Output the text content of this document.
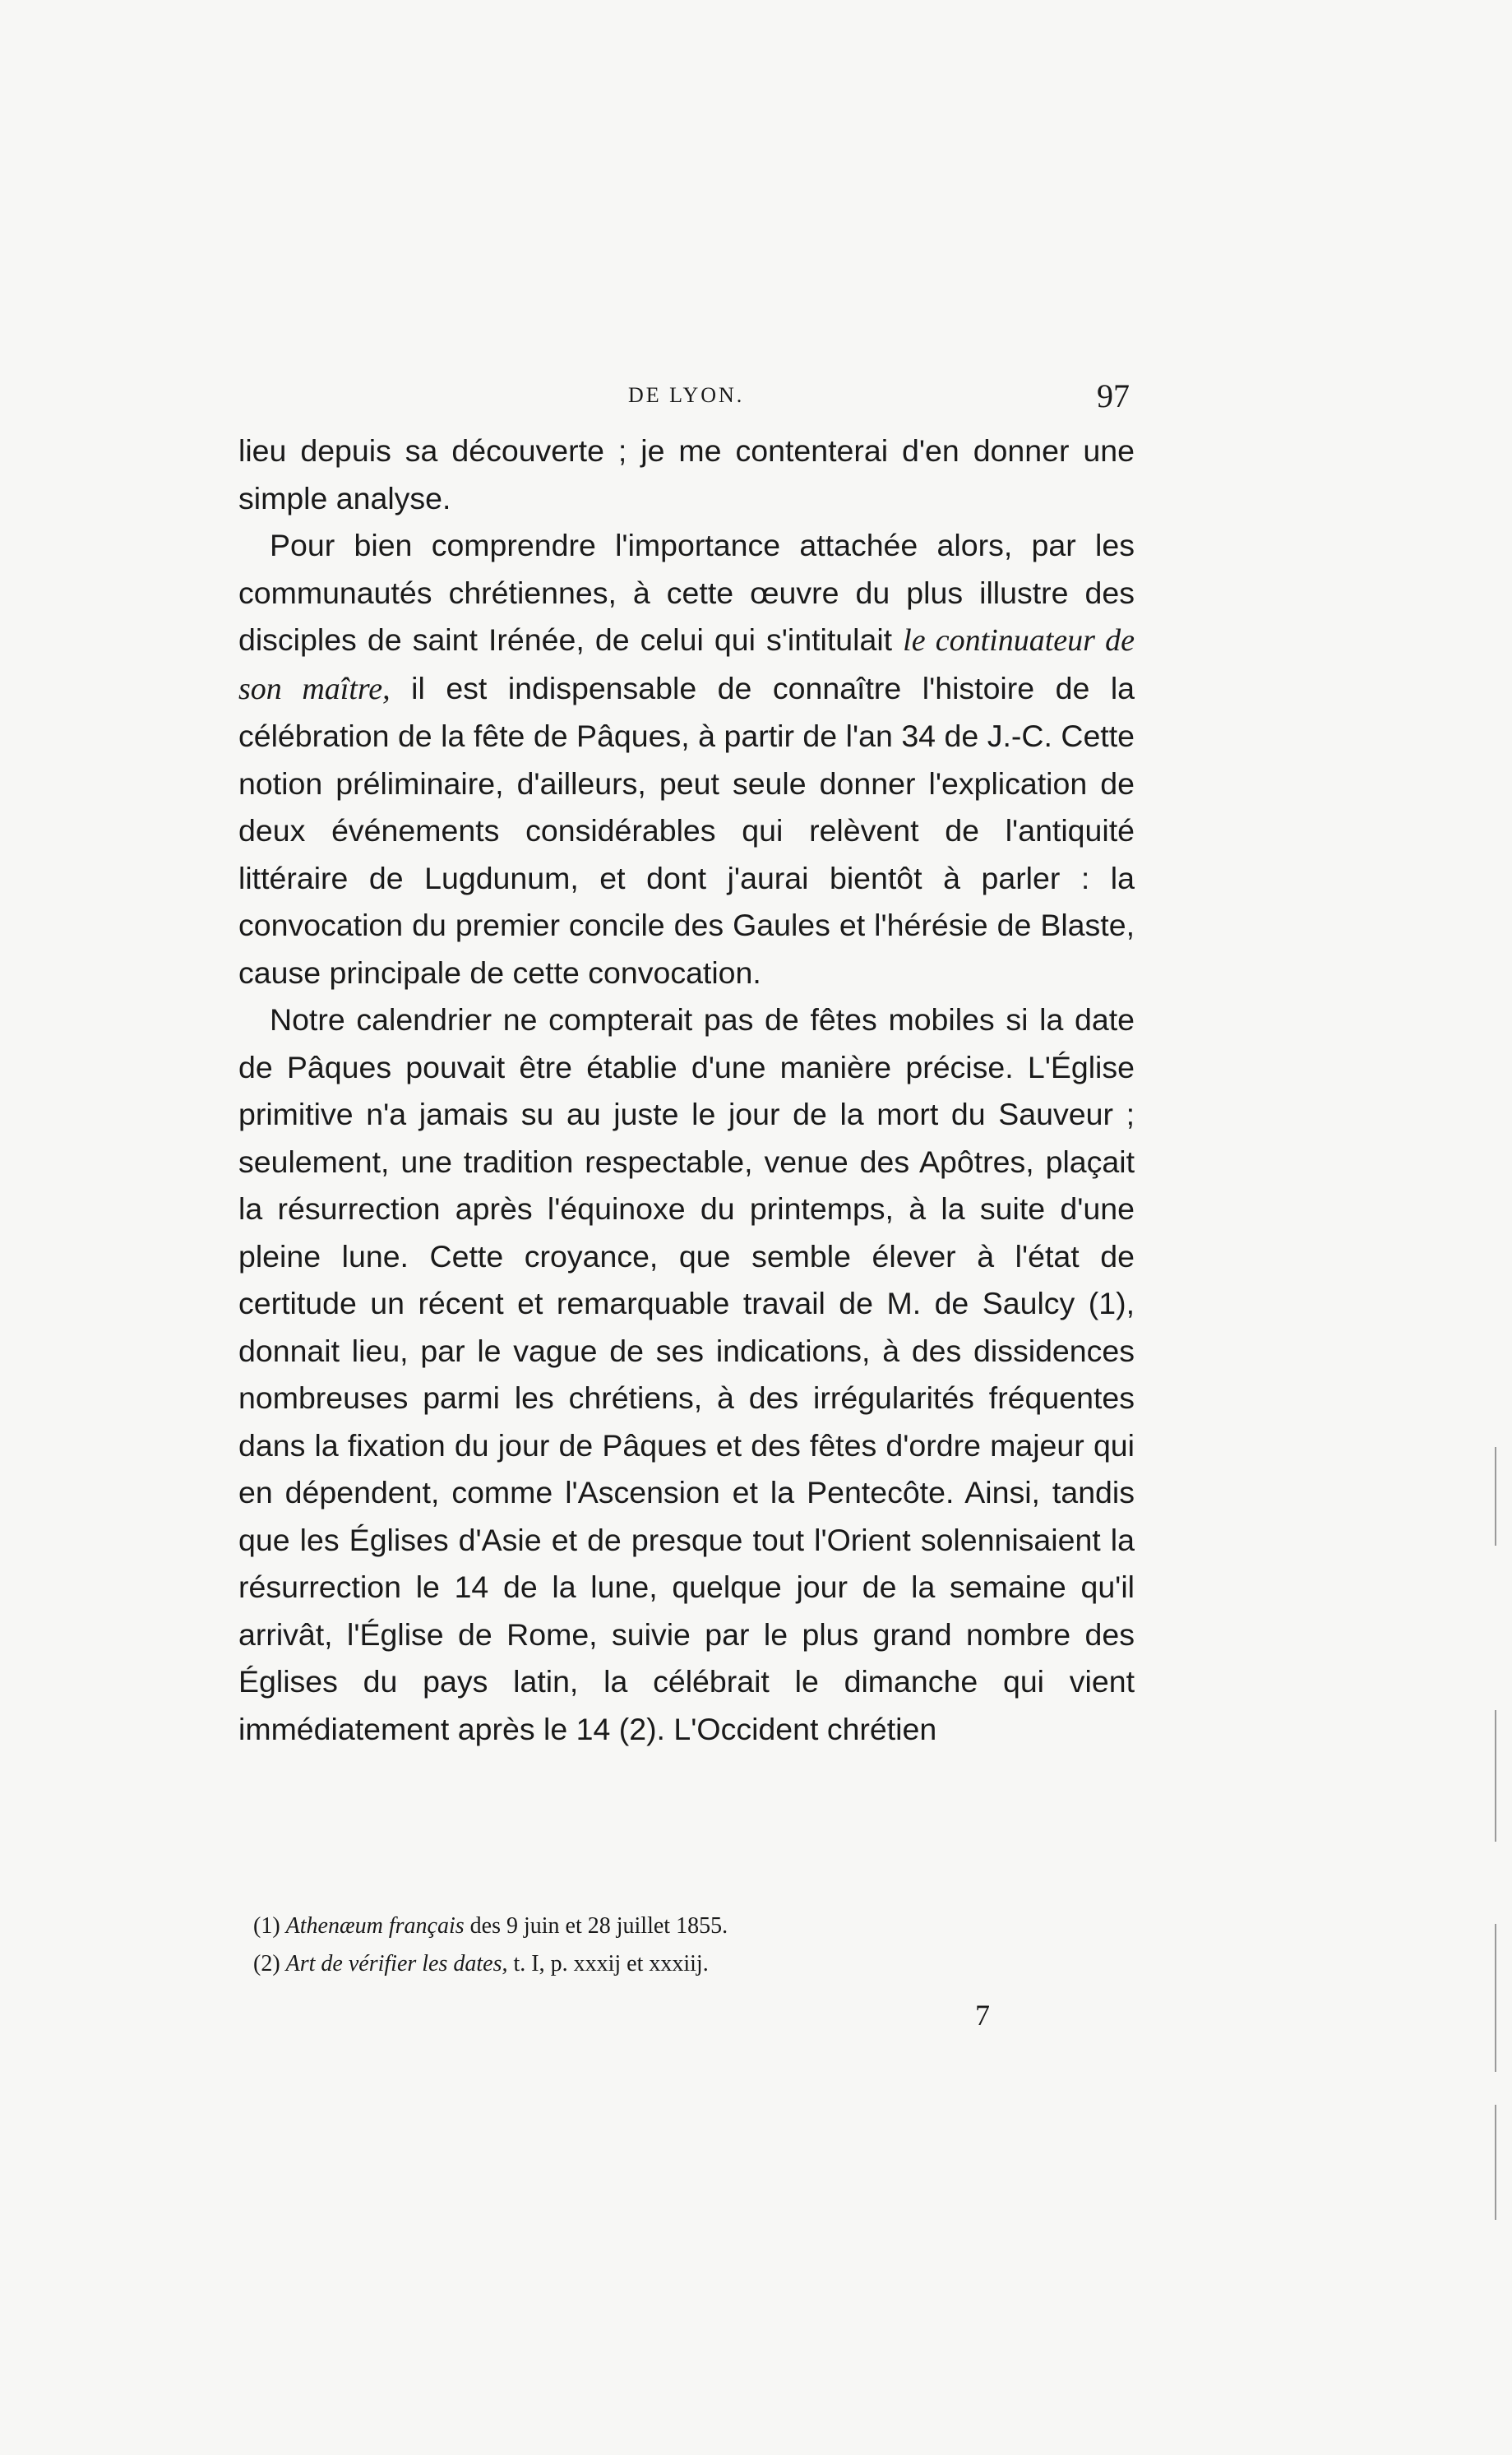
DE LYON.	97

lieu depuis sa découverte ; je me contenterai d'en donner une simple analyse.

Pour bien comprendre l'importance attachée alors, par les communautés chrétiennes, à cette œuvre du plus illustre des disciples de saint Irénée, de celui qui s'intitulait le continuateur de son maître, il est indispensable de connaître l'histoire de la célébration de la fête de Pâques, à partir de l'an 34 de J.-C. Cette notion préliminaire, d'ailleurs, peut seule donner l'explication de deux événements considérables qui relèvent de l'antiquité littéraire de Lugdunum, et dont j'aurai bientôt à parler : la convocation du premier concile des Gaules et l'hérésie de Blaste, cause principale de cette convocation.

Notre calendrier ne compterait pas de fêtes mobiles si la date de Pâques pouvait être établie d'une manière précise. L'Église primitive n'a jamais su au juste le jour de la mort du Sauveur ; seulement, une tradition respectable, venue des Apôtres, plaçait la résurrection après l'équinoxe du printemps, à la suite d'une pleine lune. Cette croyance, que semble élever à l'état de certitude un récent et remarquable travail de M. de Saulcy (1), donnait lieu, par le vague de ses indications, à des dissidences nombreuses parmi les chrétiens, à des irrégularités fréquentes dans la fixation du jour de Pâques et des fêtes d'ordre majeur qui en dépendent, comme l'Ascension et la Pentecôte. Ainsi, tandis que les Églises d'Asie et de presque tout l'Orient solennisaient la résurrection le 14 de la lune, quelque jour de la semaine qu'il arrivât, l'Église de Rome, suivie par le plus grand nombre des Églises du pays latin, la célébrait le dimanche qui vient immédiatement après le 14 (2). L'Occident chrétien

(1) Athenæum français des 9 juin et 28 juillet 1855.
(2) Art de vérifier les dates, t. I, p. xxxij et xxxiij.
7
